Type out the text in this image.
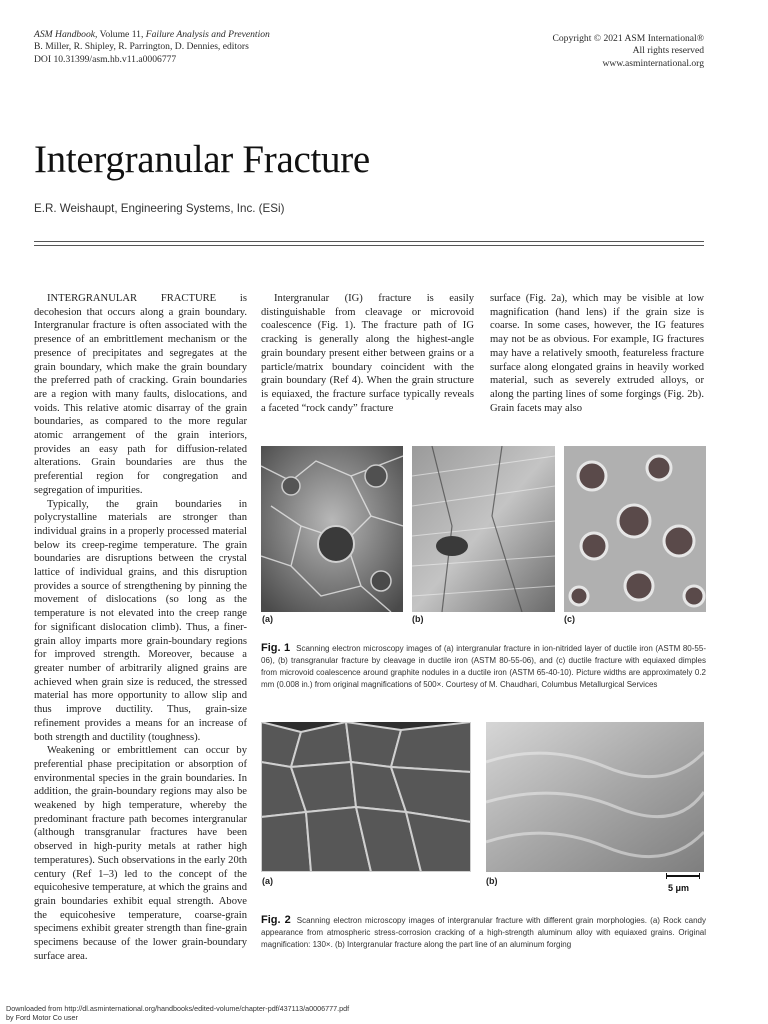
ASM Handbook, Volume 11, Failure Analysis and Prevention
B. Miller, R. Shipley, R. Parrington, D. Dennies, editors
DOI 10.31399/asm.hb.v11.a0006777
Copyright © 2021 ASM International®
All rights reserved
www.asminternational.org
Intergranular Fracture
E.R. Weishaupt, Engineering Systems, Inc. (ESi)

INTERGRANULAR FRACTURE is decohesion that occurs along a grain boundary. Intergranular fracture is often associated with the presence of an embrittlement mechanism or the presence of precipitates and segregates at the grain boundary, which make the grain boundary the preferred path of cracking. Grain boundaries are a region with many faults, dislocations, and voids. This relative atomic disarray of the grain boundaries, as compared to the more regular atomic arrangement of the grain interiors, provides an easy path for diffusion-related alterations. Grain boundaries are thus the preferential region for congregation and segregation of impurities.

Typically, the grain boundaries in polycrystalline materials are stronger than individual grains in a properly processed material below its creep-regime temperature. The grain boundaries are disruptions between the crystal lattice of individual grains, and this disruption provides a source of strengthening by pinning the movement of dislocations (so long as the temperature is not elevated into the creep range for significant dislocation climb). Thus, a finer-grain alloy imparts more grain-boundary regions for improved strength. Moreover, because a greater number of arbitrarily aligned grains are achieved when grain size is reduced, the stressed material has more opportunity to allow slip and thus improve ductility. Thus, grain-size refinement provides a means for an increase of both strength and ductility (toughness).

Weakening or embrittlement can occur by preferential phase precipitation or absorption of environmental species in the grain boundaries. In addition, the grain-boundary regions may also be weakened by high temperature, whereby the predominant fracture path becomes intergranular (although transgranular fractures have been observed in high-purity metals at rather high temperatures). Such observations in the early 20th century (Ref 1–3) led to the concept of the equicohesive temperature, at which the grains and grain boundaries exhibit equal strength. Above the equicohesive temperature, coarse-grain specimens exhibit greater strength than fine-grain specimens because of the lower grain-boundary surface area.

Intergranular (IG) fracture is easily distinguishable from cleavage or microvoid coalescence (Fig. 1). The fracture path of IG cracking is generally along the highest-angle grain boundary present either between grains or a particle/matrix boundary coincident with the grain boundary (Ref 4). When the grain structure is equiaxed, the fracture surface typically reveals a faceted “rock candy” fracture

surface (Fig. 2a), which may be visible at low magnification (hand lens) if the grain size is coarse. In some cases, however, the IG features may not be as obvious. For example, IG fractures may have a relatively smooth, featureless fracture surface along elongated grains in heavily worked material, such as severely extruded alloys, or along the parting lines of some forgings (Fig. 2b). Grain facets may also

(a)	(b)	(c)
Fig. 1 Scanning electron microscopy images of (a) intergranular fracture in ion-nitrided layer of ductile iron (ASTM 80-55-06), (b) transgranular fracture by cleavage in ductile iron (ASTM 80-55-06), and (c) ductile fracture with equiaxed dimples from microvoid coalescence around graphite nodules in a ductile iron (ASTM 65-40-10). Picture widths are approximately 0.2 mm (0.008 in.) from original magnifications of 500×. Courtesy of M. Chaudhari, Columbus Metallurgical Services
(a)	(b)
5 μm
Fig. 2 Scanning electron microscopy images of intergranular fracture with different grain morphologies. (a) Rock candy appearance from atmospheric stress-corrosion cracking of a high-strength aluminum alloy with equiaxed grains. Original magnification: 130×. (b) Intergranular fracture along the part line of an aluminum forging
Downloaded from http://dl.asminternational.org/handbooks/edited-volume/chapter-pdf/437113/a0006777.pdf
by Ford Motor Co user
